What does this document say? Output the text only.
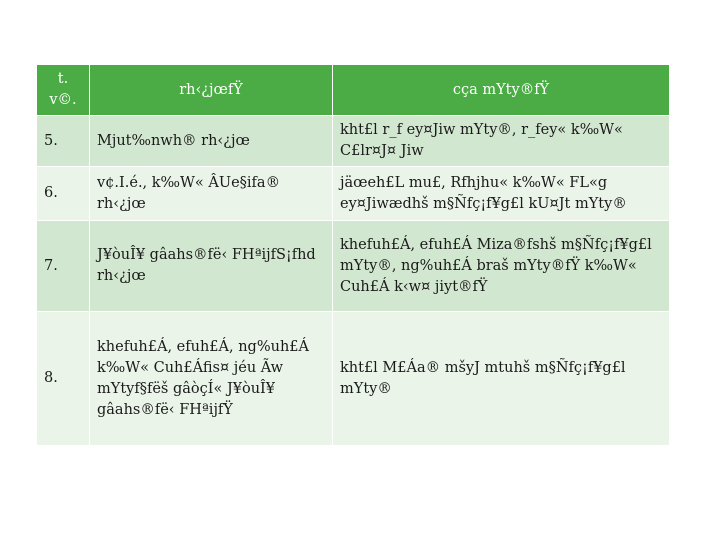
t. v©.	rh‹¿jœfŸ	cça mYty®fŸ
5.	Mjut‰nwh® rh‹¿jœ	kht£l r_f ey¤Jiw mYty®, r_fey« k‰W« C£lr¤J¤ Jiw
6.	v¢.I.é., k‰W« ÂUe§ifa® rh‹¿jœ	jäœeh£L mu£, Rfhjhu« k‰W« FL«g ey¤Jiwædhš m§Ñfç¡f¥g£l kU¤Jt mYty®
7.	J¥òuÎ¥ gâahs®fë‹ FHªijfS¡fhd rh‹¿jœ	khefuh£Á, efuh£Á Miza®fshš m§Ñfç¡f¥g£l mYty®, ng%uh£Á braš mYty®fŸ k‰W« Cuh£Á k‹w¤ jiyt®fŸ
8.	khefuh£Á, efuh£Á, ng%uh£Á k‰W« Cuh£Áfis¤ jéu Ãw mYtyf§fëš gâòçÍ« J¥òuÎ¥ gâahs®fë‹ FHªijfŸ	kht£l M£Áa® mšyJ mtuhš m§Ñfç¡f¥g£l mYty®
